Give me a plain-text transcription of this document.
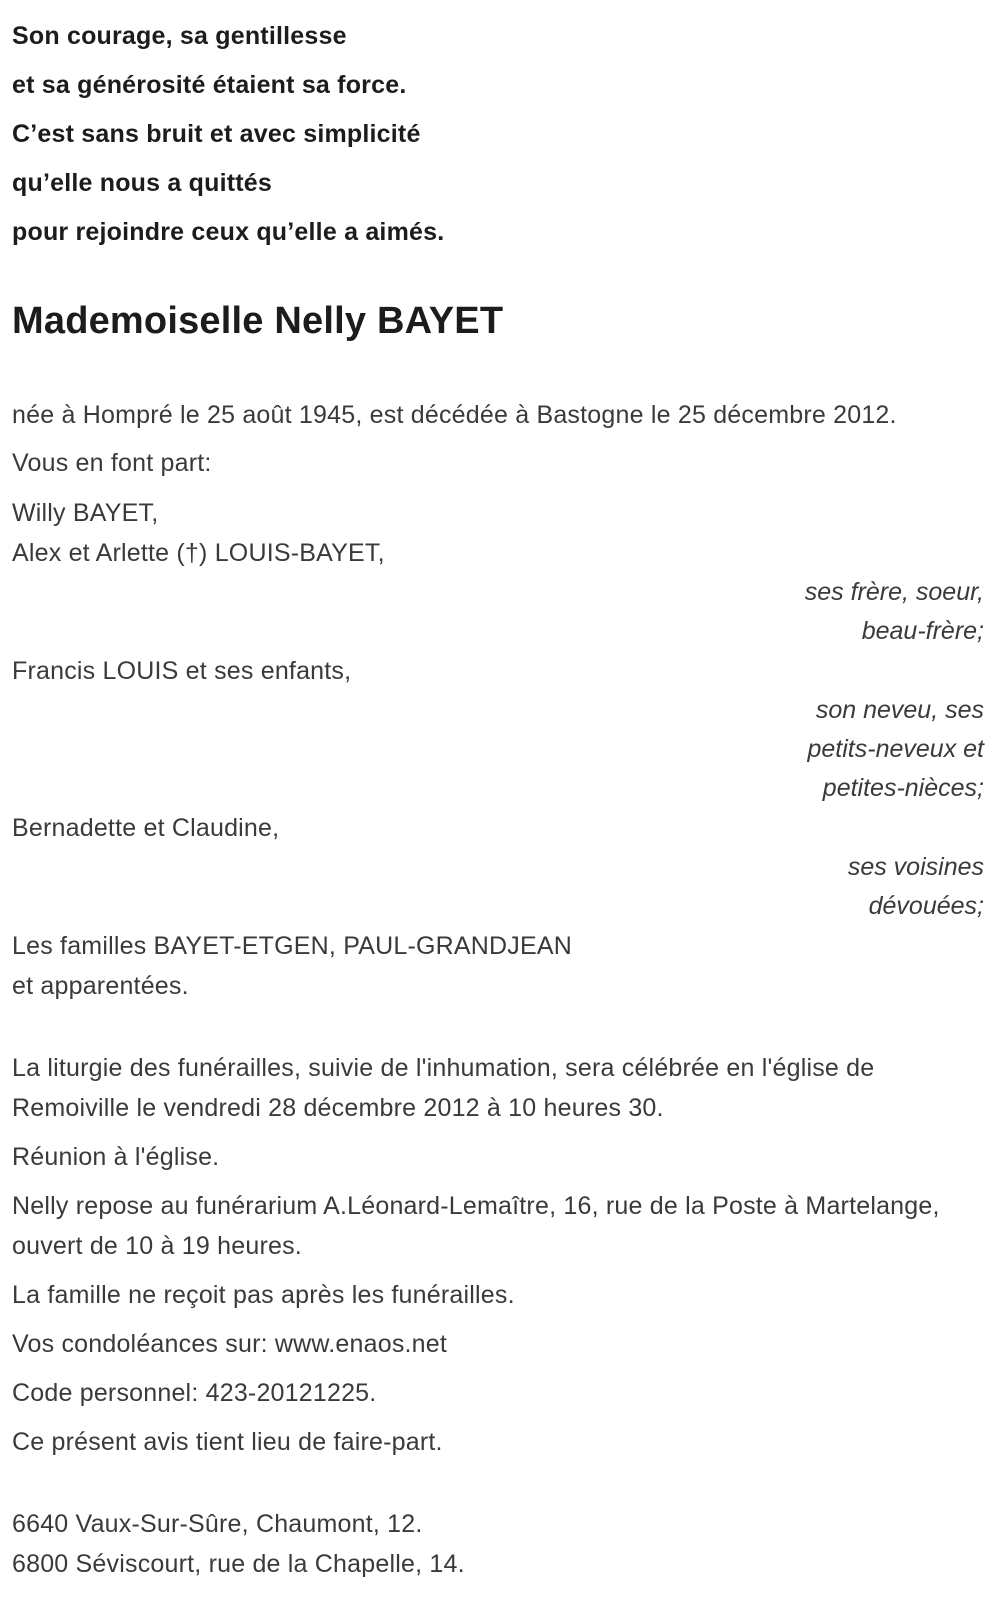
Son courage, sa gentillesse

et sa générosité étaient sa force.

C’est sans bruit et avec simplicité

qu’elle nous a quittés

pour rejoindre ceux qu’elle a aimés.

Mademoiselle Nelly BAYET

née à Hompré le 25 août 1945, est décédée à Bastogne le 25 décembre 2012.

Vous en font part:

Willy BAYET,

Alex et Arlette (†) LOUIS-BAYET,

ses frère, soeur,

beau-frère;

Francis LOUIS et ses enfants,

son neveu, ses

petits-neveux et

petites-nièces;

Bernadette et Claudine,

ses voisines

dévouées;

Les familles BAYET-ETGEN, PAUL-GRANDJEAN

et apparentées.

La liturgie des funérailles, suivie de l'inhumation, sera célébrée en l'église de Remoiville le vendredi 28 décembre 2012 à 10 heures 30.

Réunion à l'église.

Nelly repose au funérarium A.Léonard-Lemaître, 16, rue de la Poste à Martelange, ouvert de 10 à 19 heures.

La famille ne reçoit pas après les funérailles.

Vos condoléances sur: www.enaos.net

Code personnel: 423-20121225.

Ce présent avis tient lieu de faire-part.

6640 Vaux-Sur-Sûre, Chaumont, 12.

6800 Séviscourt, rue de la Chapelle, 14.
